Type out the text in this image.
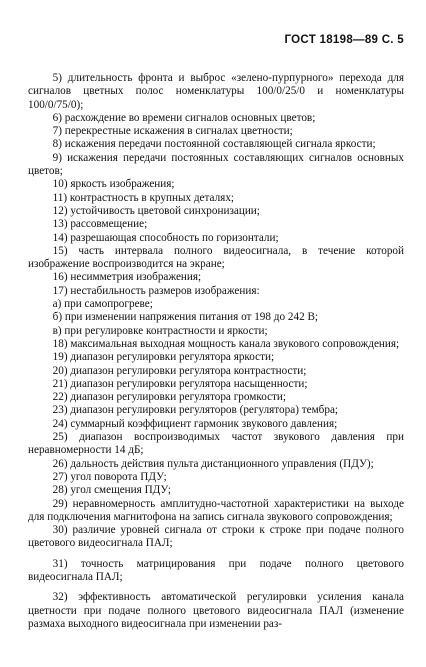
ГОСТ 18198—89 С. 5

5) длительность фронта и выброс «зелено-пурпурного» перехода для сигналов цветных полос номенклатуры 100/0/25/0 и номенклатуры 100/0/75/0);

6) расхождение во времени сигналов основных цветов;

7) перекрестные искажения в сигналах цветности;

8) искажения передачи постоянной составляющей сигнала яркости;

9) искажения передачи постоянных составляющих сигналов основных цветов;

10) яркость изображения;

11) контрастность в крупных деталях;

12) устойчивость цветовой синхронизации;

13) рассовмещение;

14) разрешающая способность по горизонтали;

15) часть интервала полного видеосигнала, в течение которой изображение воспроизводится на экране;

16) несимметрия изображения;

17) нестабильность размеров изображения:

а) при самопрогреве;

б) при изменении напряжения питания от 198 до 242 В;

в) при регулировке контрастности и яркости;

18) максимальная выходная мощность канала звукового сопровождения;

19) диапазон регулировки регулятора яркости;

20) диапазон регулировки регулятора контрастности;

21) диапазон регулировки регулятора насыщенности;

22) диапазон регулировки регулятора громкости;

23) диапазон регулировки регуляторов (регулятора) тембра;

24) суммарный коэффициент гармоник звукового давления;

25) диапазон воспроизводимых частот звукового давления при неравномерности 14 дБ;

26) дальность действия пульта дистанционного управления (ПДУ);

27) угол поворота ПДУ;

28) угол смещения ПДУ;

29) неравномерность амплитудно-частотной характеристики на выходе для подключения магнитофона на запись сигнала звукового сопровождения;

30) различие уровней сигнала от строки к строке при подаче полного цветового видеосигнала ПАЛ;

31) точность матрицирования при подаче полного цветового видеосигнала ПАЛ;

32) эффективность автоматической регулировки усиления канала цветности при подаче полного цветового видеосигнала ПАЛ (изменение размаха выходного видеосигнала при изменении раз-
